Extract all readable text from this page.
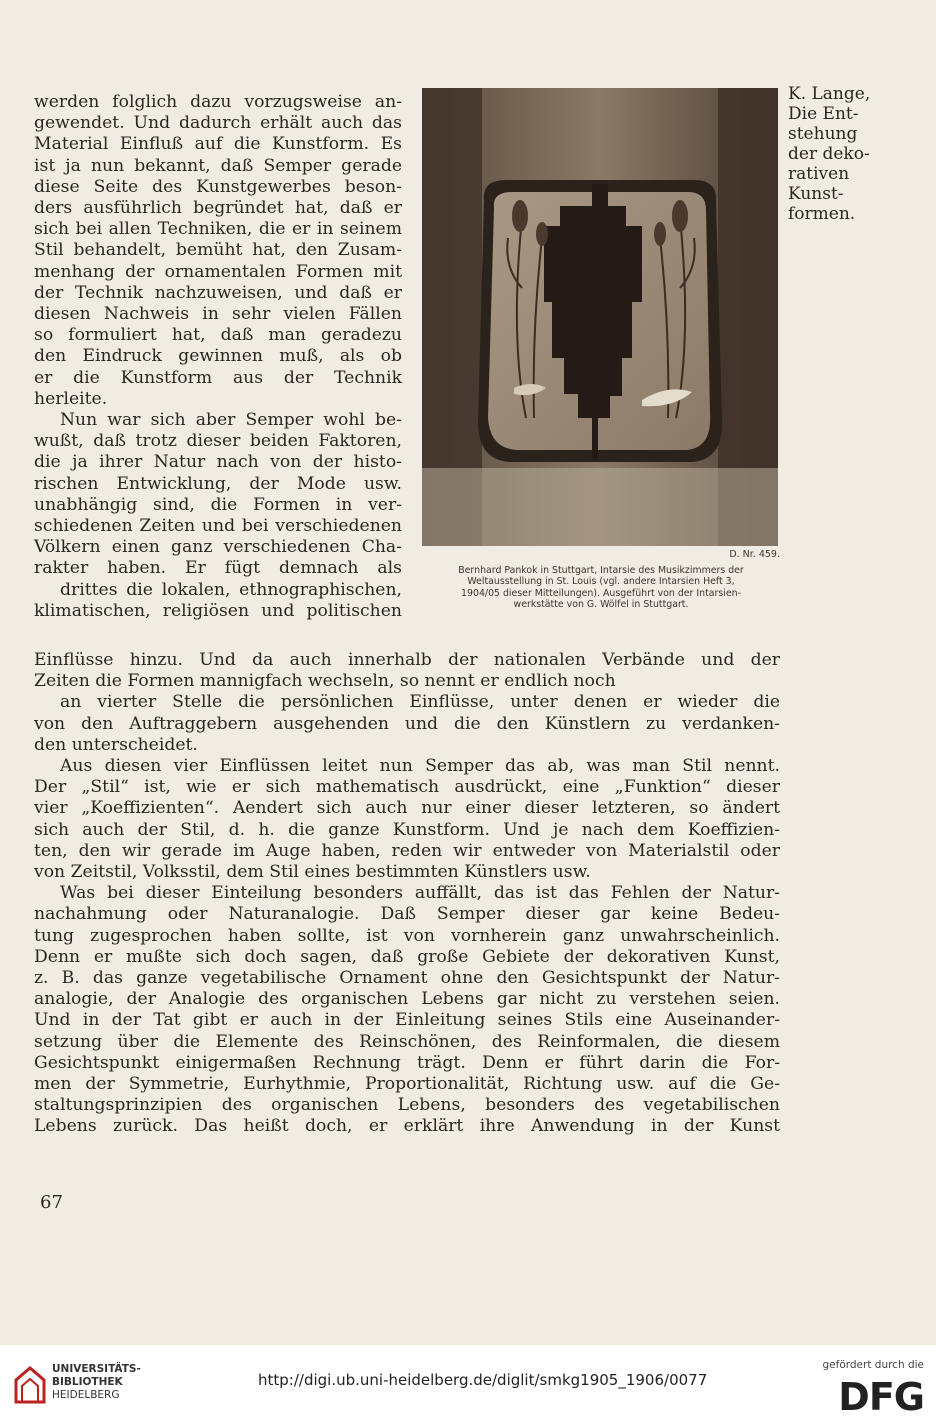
werden folglich dazu vorzugsweise an-
gewendet. Und dadurch erhält auch das
Material Einfluß auf die Kunstform. Es
ist ja nun bekannt, daß Semper gerade
diese Seite des Kunstgewerbes beson-
ders ausführlich begründet hat, daß er
sich bei allen Techniken, die er in seinem
Stil behandelt, bemüht hat, den Zusam-
menhang der ornamentalen Formen mit
der Technik nachzuweisen, und daß er
diesen Nachweis in sehr vielen Fällen
so formuliert hat, daß man geradezu
den Eindruck gewinnen muß, als ob
er die Kunstform aus der Technik
herleite.
Nun war sich aber Semper wohl be-
wußt, daß trotz dieser beiden Faktoren,
die ja ihrer Natur nach von der histo-
rischen Entwicklung, der Mode usw.
unabhängig sind, die Formen in ver-
schiedenen Zeiten und bei verschiedenen
Völkern einen ganz verschiedenen Cha-
rakter haben. Er fügt demnach als
drittes die lokalen, ethnographischen,
klimatischen, religiösen und politischen
K. Lange,
Die Ent-
stehung
der deko-
rativen
Kunst-
formen.
D. Nr. 459.
Bernhard Pankok in Stuttgart, Intarsie des Musikzimmers der
Weltausstellung in St. Louis (vgl. andere Intarsien Heft 3,
1904/05 dieser Mitteilungen). Ausgeführt von der Intarsien-
werkstätte von G. Wölfel in Stuttgart.
Einflüsse hinzu. Und da auch innerhalb der nationalen Verbände und der
Zeiten die Formen mannigfach wechseln, so nennt er endlich noch
an vierter Stelle die persönlichen Einflüsse, unter denen er wieder die
von den Auftraggebern ausgehenden und die den Künstlern zu verdanken-
den unterscheidet.
Aus diesen vier Einflüssen leitet nun Semper das ab, was man Stil nennt.
Der „Stil“ ist, wie er sich mathematisch ausdrückt, eine „Funktion“ dieser
vier „Koeffizienten“. Aendert sich auch nur einer dieser letzteren, so ändert
sich auch der Stil, d. h. die ganze Kunstform. Und je nach dem Koeffizien-
ten, den wir gerade im Auge haben, reden wir entweder von Materialstil oder
von Zeitstil, Volksstil, dem Stil eines bestimmten Künstlers usw.
Was bei dieser Einteilung besonders auffällt, das ist das Fehlen der Natur-
nachahmung oder Naturanalogie. Daß Semper dieser gar keine Bedeu-
tung zugesprochen haben sollte, ist von vornherein ganz unwahrscheinlich.
Denn er mußte sich doch sagen, daß große Gebiete der dekorativen Kunst,
z. B. das ganze vegetabilische Ornament ohne den Gesichtspunkt der Natur-
analogie, der Analogie des organischen Lebens gar nicht zu verstehen seien.
Und in der Tat gibt er auch in der Einleitung seines Stils eine Auseinander-
setzung über die Elemente des Reinschönen, des Reinformalen, die diesem
Gesichtspunkt einigermaßen Rechnung trägt. Denn er führt darin die For-
men der Symmetrie, Eurhythmie, Proportionalität, Richtung usw. auf die Ge-
staltungsprinzipien des organischen Lebens, besonders des vegetabilischen
Lebens zurück. Das heißt doch, er erklärt ihre Anwendung in der Kunst
67
UNIVERSITÄTS-
BIBLIOTHEK
HEIDELBERG
http://digi.ub.uni-heidelberg.de/diglit/smkg1905_1906/0077
gefördert durch die
DFG
